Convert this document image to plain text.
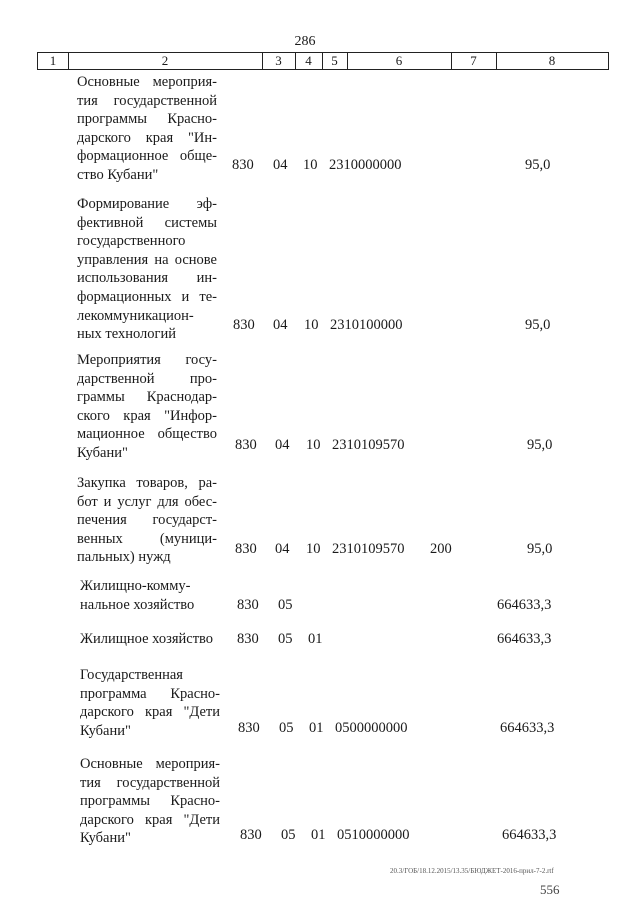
286
1	2	3	4	5	6	7	8
Основные мероприя-тия государственной программы Красно-дарского края "Ин-формационное обще-ство Кубани"
830 04 10 2310000000	95,0
Формирование эф-фективной системы государственного управления на основе использования ин-формационных и те-лекоммуникацион-ных технологий
830 04 10 2310100000	95,0
Мероприятия госу-дарственной про-граммы Краснодар-ского края "Инфор-мационное общество Кубани"	830 04 10 2310109570	95,0
Закупка товаров, ра-бот и услуг для обес-печения государст-венных (муници-пальных) нужд
830 04 10 2310109570 200	95,0
Жилищно-комму-нальное хозяйство	830 05	664633,3
Жилищное хозяйство	830 05 01	664633,3
Государственная программа Красно-дарского края "Дети Кубани"	830 05 01 0500000000	664633,3
Основные мероприя-тия государственной программы Красно-дарского края "Дети Кубани"	830 05 01 0510000000	664633,3
20.3/ГОБ/18.12.2015/13.35/БЮДЖЕТ-2016-прил-7-2.rtf
556
